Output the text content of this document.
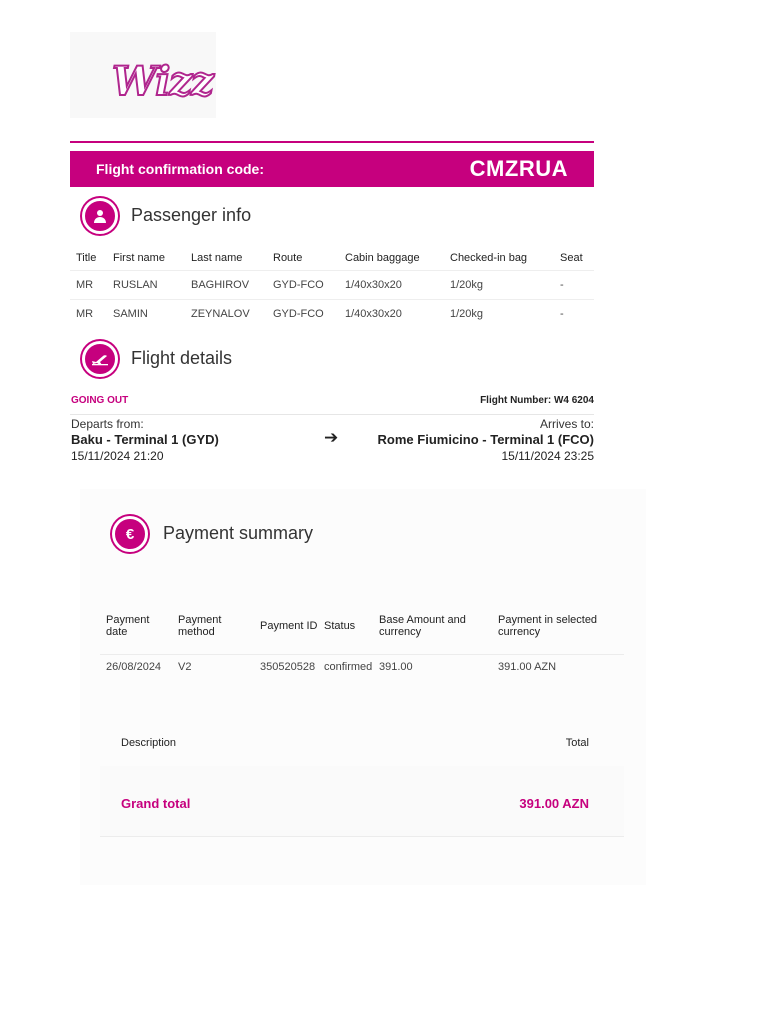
Wizz
Flight confirmation code:	CMZRUA
Passenger info
Title	First name	Last name	Route	Cabin baggage	Checked-in bag	Seat
MR	RUSLAN	BAGHIROV	GYD-FCO	1/40x30x20	1/20kg	-
MR	SAMIN	ZEYNALOV	GYD-FCO	1/40x30x20	1/20kg	-
Flight details
GOING OUT	Flight Number: W4 6204
Departs from:
Baku - Terminal 1 (GYD)
15/11/2024 21:20
➔
Arrives to:
Rome Fiumicino - Terminal 1 (FCO)
15/11/2024 23:25
€	Payment summary
Payment date	Payment method	Payment ID	Status	Base Amount and currency	Payment in selected currency
26/08/2024	V2	350520528	confirmed	391.00	391.00 AZN
Description	Total
Grand total	391.00 AZN
